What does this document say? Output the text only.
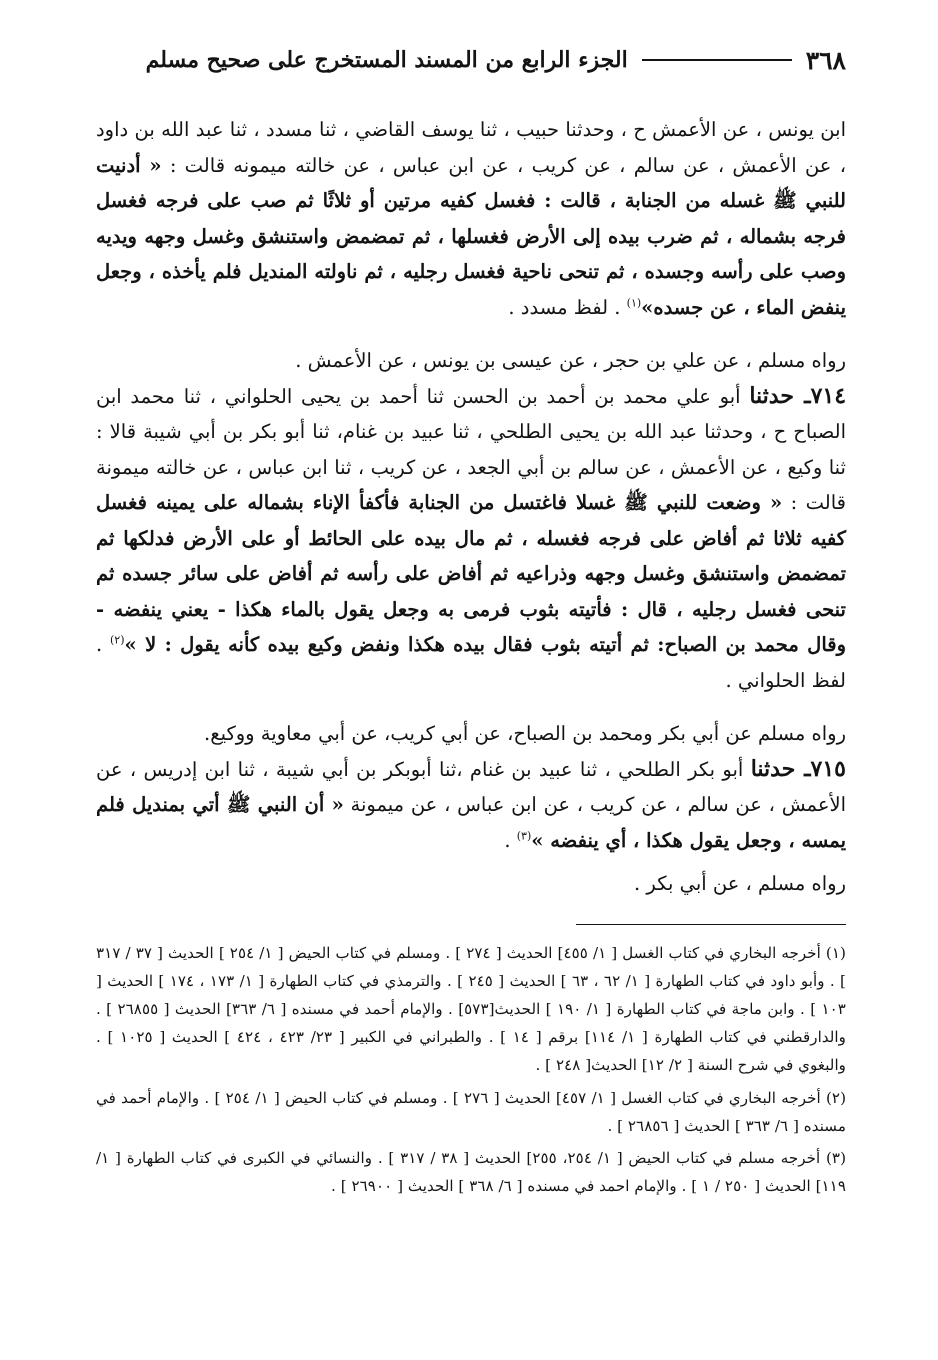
٣٦٨
الجزء الرابع من المسند المستخرج على صحيح مسلم
ابن يونس ، عن الأعمش ح ، وحدثنا حبيب ، ثنا يوسف القاضي ، ثنا مسدد ، ثنا عبد الله بن داود ، عن الأعمش ، عن سالم ، عن كريب ، عن ابن عباس ، عن خالته ميمونه قالت : « أدنيت للنبي ﷺ غسله من الجنابة ، قالت : فغسل كفيه مرتين أو ثلاثًا ثم صب على فرجه فغسل فرجه بشماله ، ثم ضرب بيده إلى الأرض فغسلها ، ثم تمضمض واستنشق وغسل وجهه ويديه وصب على رأسه وجسده ، ثم تنحى ناحية فغسل رجليه ، ثم ناولته المنديل فلم يأخذه ، وجعل ينفض الماء ، عن جسده»$^{(١)}$ . لفظ مسدد .
رواه مسلم ، عن علي بن حجر ، عن عيسى بن يونس ، عن الأعمش .
٧١٤ـ حدثنا أبو علي محمد بن أحمد بن الحسن ثنا أحمد بن يحيى الحلواني ، ثنا محمد ابن الصباح ح ، وحدثنا عبد الله بن يحيى الطلحي ، ثنا عبيد بن غنام، ثنا أبو بكر بن أبي شيبة قالا : ثنا وكيع ، عن الأعمش ، عن سالم بن أبي الجعد ، عن كريب ، ثنا ابن عباس ، عن خالته ميمونة قالت : « وضعت للنبي ﷺ غسلا فاغتسل من الجنابة فأكفأ الإناء بشماله على يمينه فغسل كفيه ثلاثا ثم أفاض على فرجه فغسله ، ثم مال بيده على الحائط أو على الأرض فدلكها ثم تمضمض واستنشق وغسل وجهه وذراعيه ثم أفاض على رأسه ثم أفاض على سائر جسده ثم تنحى فغسل رجليه ، قال : فأتيته بثوب فرمى به وجعل يقول بالماء هكذا - يعني ينفضه - وقال محمد بن الصباح: ثم أتيته بثوب فقال بيده هكذا ونفض وكيع بيده كأنه يقول : لا »$^{(٢)}$ . لفظ الحلواني .
رواه مسلم عن أبي بكر ومحمد بن الصباح، عن أبي كريب، عن أبي معاوية ووكيع.
٧١٥ـ حدثنا أبو بكر الطلحي ، ثنا عبيد بن غنام ،ثنا أبوبكر بن أبي شيبة ، ثنا ابن إدريس ، عن الأعمش ، عن سالم ، عن كريب ، عن ابن عباس ، عن ميمونة « أن النبي ﷺ أتي بمنديل فلم يمسه ، وجعل يقول هكذا ، أي ينفضه »$^{(٣)}$ .
رواه مسلم ، عن أبي بكر .

(١) أخرجه البخاري في كتاب الغسل [ ١/ ٤٥٥] الحديث [ ٢٧٤ ] . ومسلم في كتاب الحيض [ ١/ ٢٥٤ ] الحديث [ ٣٧ / ٣١٧ ] . وأبو داود في كتاب الطهارة [ ١/ ٦٢ ، ٦٣ ] الحديث [ ٢٤٥ ] . والترمذي في كتاب الطهارة [ ١/ ١٧٣ ، ١٧٤ ] الحديث [ ١٠٣ ] . وابن ماجة في كتاب الطهارة [ ١/ ١٩٠ ] الحديث[٥٧٣] . والإمام أحمد في مسنده [ ٦/ ٣٦٣] الحديث [ ٢٦٨٥٥ ] . والدارقطني في كتاب الطهارة [ ١/ ١١٤] برقم [ ١٤ ] . والطبراني في الكبير [ ٢٣/ ٤٢٣ ، ٤٢٤ ] الحديث [ ١٠٢٥ ] . والبغوي في شرح السنة [ ٢/ ١٢] الحديث[ ٢٤٨ ] .

(٢) أخرجه البخاري في كتاب الغسل [ ١/ ٤٥٧] الحديث [ ٢٧٦ ] . ومسلم في كتاب الحيض [ ١/ ٢٥٤ ] . والإمام أحمد في مسنده [ ٦/ ٣٦٣ ] الحديث [ ٢٦٨٥٦ ] .

(٣) أخرجه مسلم في كتاب الحيض [ ١/ ٢٥٤، ٢٥٥] الحديث [ ٣٨ / ٣١٧ ] . والنسائي في الكبرى في كتاب الطهارة [ ١/ ١١٩] الحديث [ ٢٥٠ / ١ ] . والإمام احمد في مسنده [ ٦/ ٣٦٨ ] الحديث [ ٢٦٩٠٠ ] .
